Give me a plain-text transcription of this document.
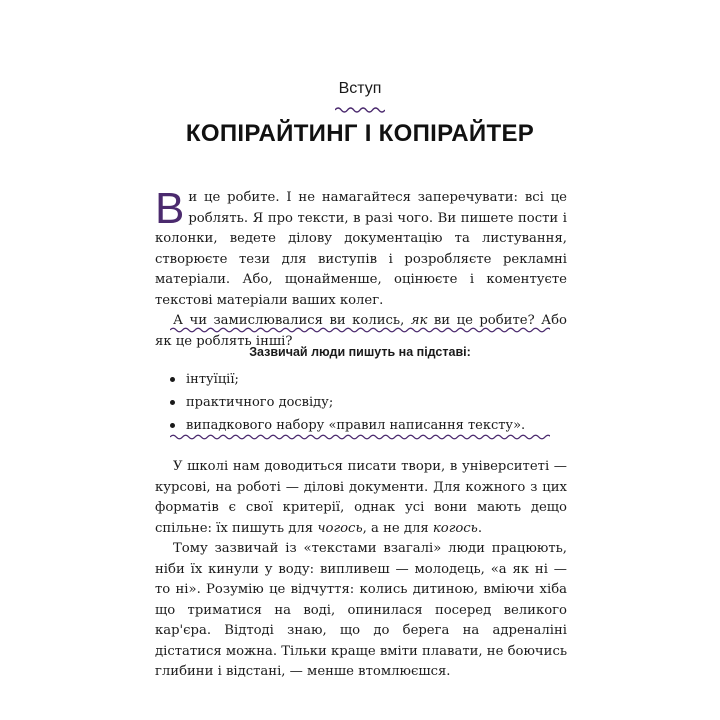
Вступ
КОПІРАЙТИНГ І КОПІРАЙТЕР

Ви це робите. І не намагайтеся заперечувати: всі це роблять. Я про тексти, в разі чого. Ви пишете пости і колонки, ведете ділову документацію та листування, створюєте тези для виступів і розробляєте рекламні матеріали. Або, щонайменше, оцінюєте і коментуєте текстові матеріали ваших колег.

А чи замислювалися ви колись, як ви це робите? Або як це роблять інші?

Зазвичай люди пишуть на підставі:
інтуїції;
практичного досвіду;
випадкового набору «правил написання тексту».

У школі нам доводиться писати твори, в університеті — курсові, на роботі — ділові документи. Для кожного з цих форматів є свої критерії, однак усі вони мають дещо спільне: їх пишуть для чогось, а не для когось.

Тому зазвичай із «текстами взагалі» люди працюють, ніби їх кинули у воду: випливеш — молодець, «а як ні — то ні». Розумію це відчуття: колись дитиною, вміючи хіба що триматися на воді, опинилася посеред великого кар'єра. Відтоді знаю, що до берега на адреналіні дістатися можна. Тільки краще вміти плавати, не боючись глибини і відстані, — менше втомлюєшся.
